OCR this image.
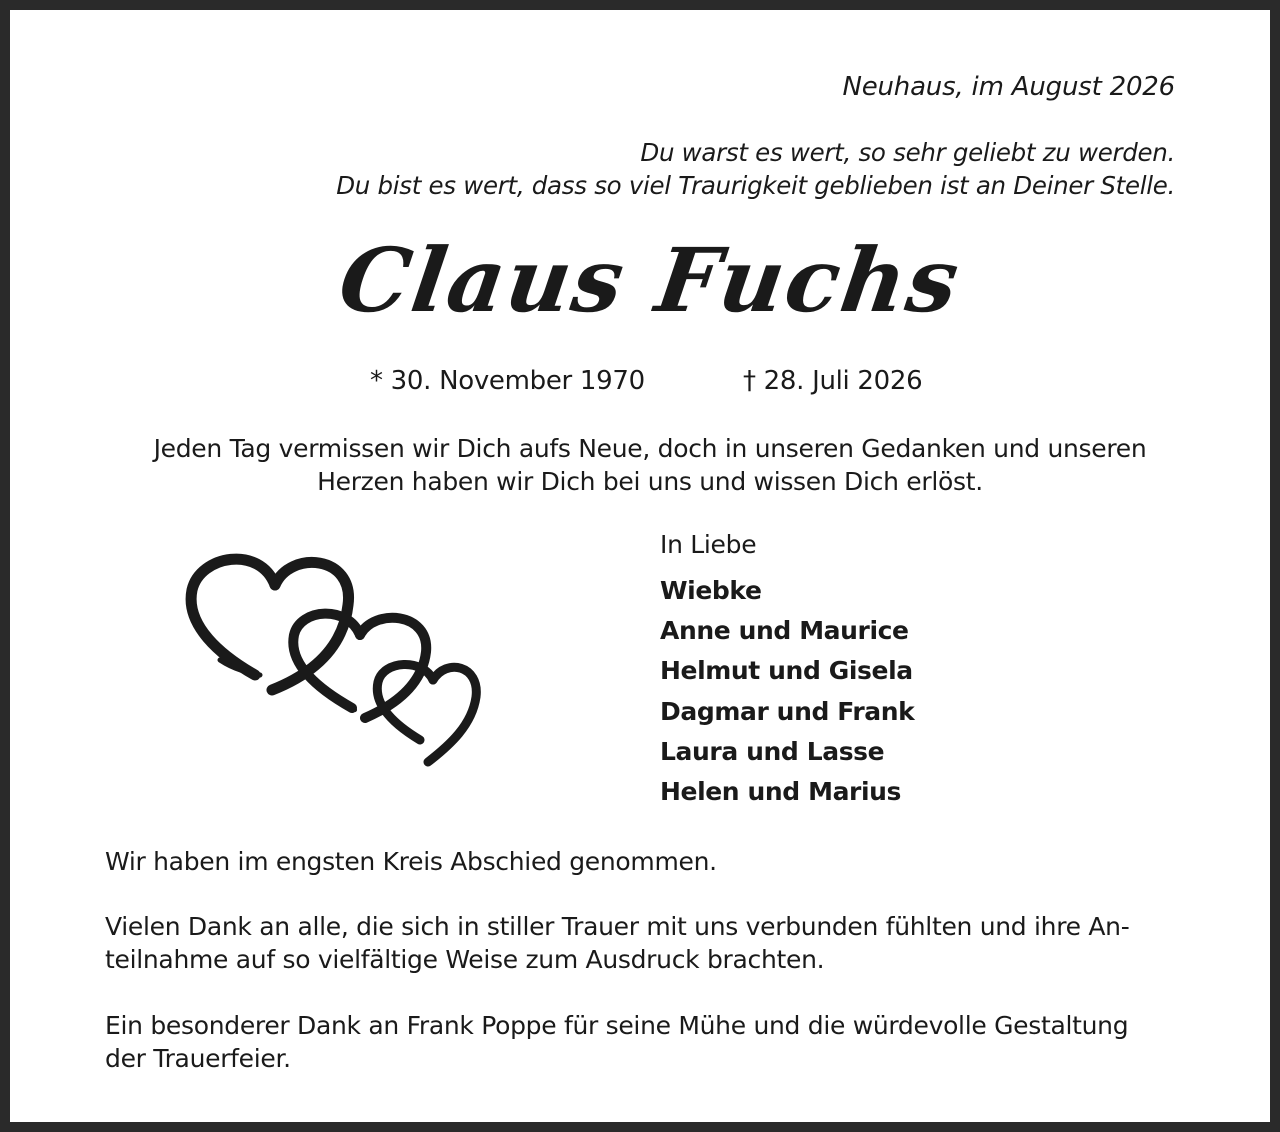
Neuhaus, im August 2026
Du warst es wert, so sehr geliebt zu werden.
Du bist es wert, dass so viel Traurigkeit geblieben ist an Deiner Stelle.
Claus Fuchs
* 30. November 1970	† 28. Juli 2026
Jeden Tag vermissen wir Dich aufs Neue, doch in unseren Gedanken und unseren
Herzen haben wir Dich bei uns und wissen Dich erlöst.
In Liebe
Wiebke
Anne und Maurice
Helmut und Gisela
Dagmar und Frank
Laura und Lasse
Helen und Marius
Wir haben im engsten Kreis Abschied genommen.
Vielen Dank an alle, die sich in stiller Trauer mit uns verbunden fühlten und ihre An-
teilnahme auf so vielfältige Weise zum Ausdruck brachten.
Ein besonderer Dank an Frank Poppe für seine Mühe und die würdevolle Gestaltung
der Trauerfeier.
